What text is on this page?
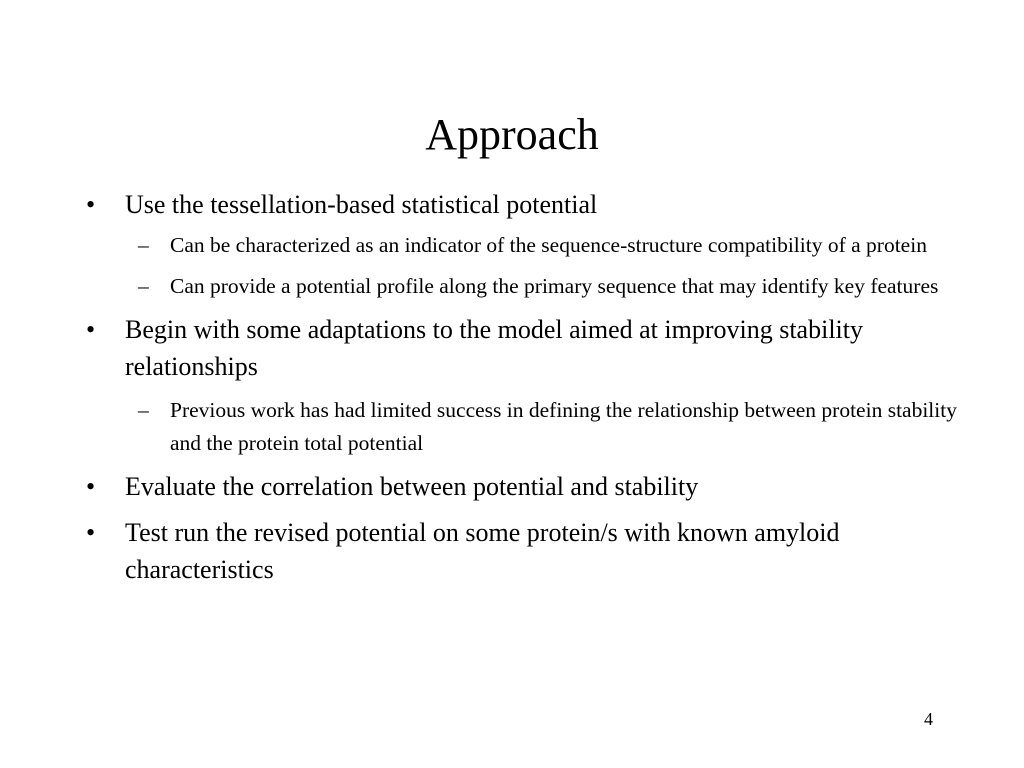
Approach
• Use the tessellation-based statistical potential
– Can be characterized as an indicator of the sequence-structure compatibility of a protein
– Can provide a potential profile along the primary sequence that may identify key features
• Begin with some adaptations to the model aimed at improving stability relationships
– Previous work has had limited success in defining the relationship between protein stability and the protein total potential
• Evaluate the correlation between potential and stability
• Test run the revised potential on some protein/s with known amyloid characteristics
4
